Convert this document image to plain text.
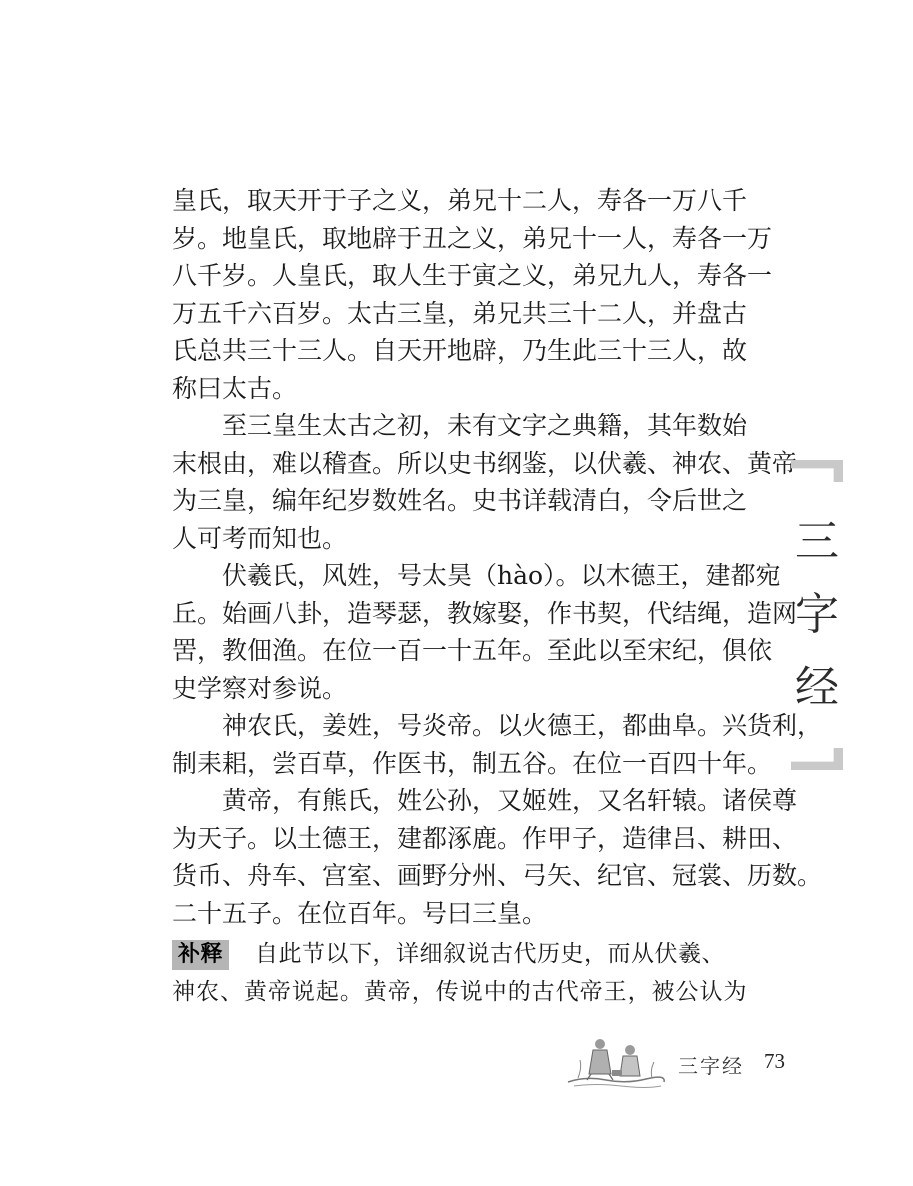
皇氏，取天开于子之义，弟兄十二人，寿各一万八千
岁。地皇氏，取地辟于丑之义，弟兄十一人，寿各一万
八千岁。人皇氏，取人生于寅之义，弟兄九人，寿各一
万五千六百岁。太古三皇，弟兄共三十二人，并盘古
氏总共三十三人。自天开地辟，乃生此三十三人，故
称曰太古。
至三皇生太古之初，未有文字之典籍，其年数始
末根由，难以稽查。所以史书纲鉴，以伏羲、神农、黄帝
为三皇，编年纪岁数姓名。史书详载清白，令后世之
人可考而知也。
伏羲氏，风姓，号太昊（hào）。以木德王，建都宛
丘。始画八卦，造琴瑟，教嫁娶，作书契，代结绳，造网
罟，教佃渔。在位一百一十五年。至此以至宋纪，俱依
史学察对参说。
神农氏，姜姓，号炎帝。以火德王，都曲阜。兴货利，
制耒耜，尝百草，作医书，制五谷。在位一百四十年。
黄帝，有熊氏，姓公孙，又姬姓，又名轩辕。诸侯尊
为天子。以土德王，建都涿鹿。作甲子，造律吕、耕田、
货币、舟车、宫室、画野分州、弓矢、纪官、冠裳、历数。
二十五子。在位百年。号曰三皇。
补释 自此节以下，详细叙说古代历史，而从伏羲、
神农、黄帝说起。黄帝，传说中的古代帝王，被公认为
三
字
经
三字经 73
